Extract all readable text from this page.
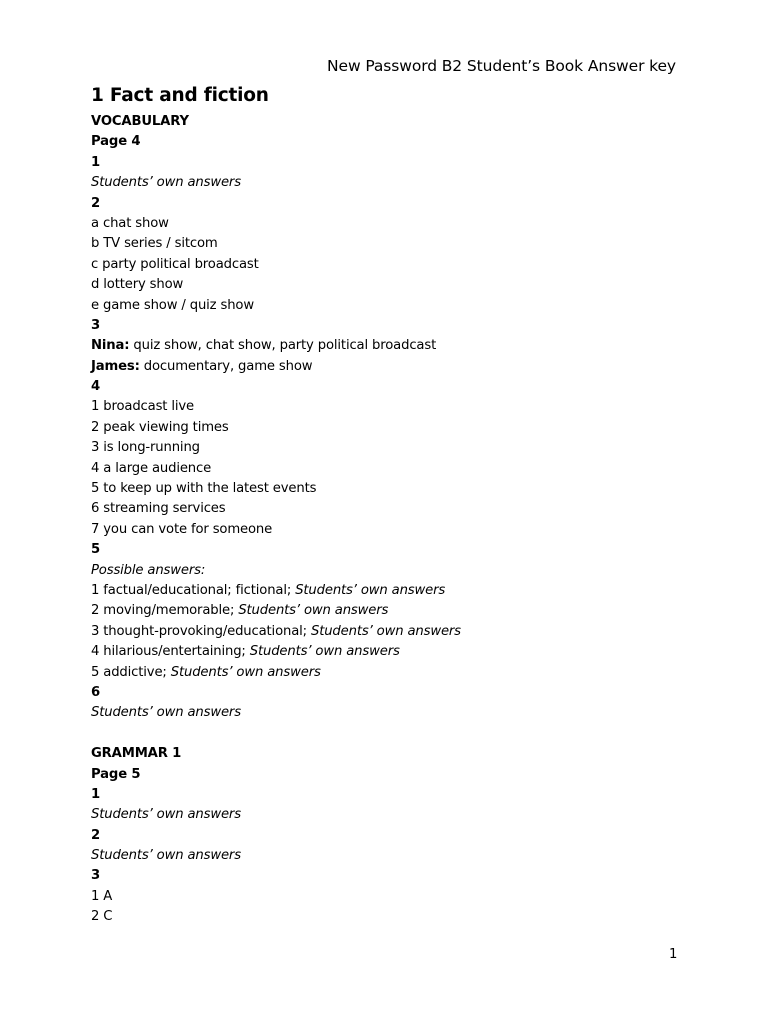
New Password B2 Student’s Book Answer key
1 Fact and fiction
VOCABULARY
Page 4
1
Students’ own answers
2
a chat show
b TV series / sitcom
c party political broadcast
d lottery show
e game show / quiz show
3
Nina: quiz show, chat show, party political broadcast
James: documentary, game show
4
1 broadcast live
2 peak viewing times
3 is long-running
4 a large audience
5 to keep up with the latest events
6 streaming services
7 you can vote for someone
5
Possible answers:
1 factual/educational; fictional; Students’ own answers
2 moving/memorable; Students’ own answers
3 thought-provoking/educational; Students’ own answers
4 hilarious/entertaining; Students’ own answers
5 addictive; Students’ own answers
6
Students’ own answers
GRAMMAR 1
Page 5
1
Students’ own answers
2
Students’ own answers
3
1 A
2 C
1
